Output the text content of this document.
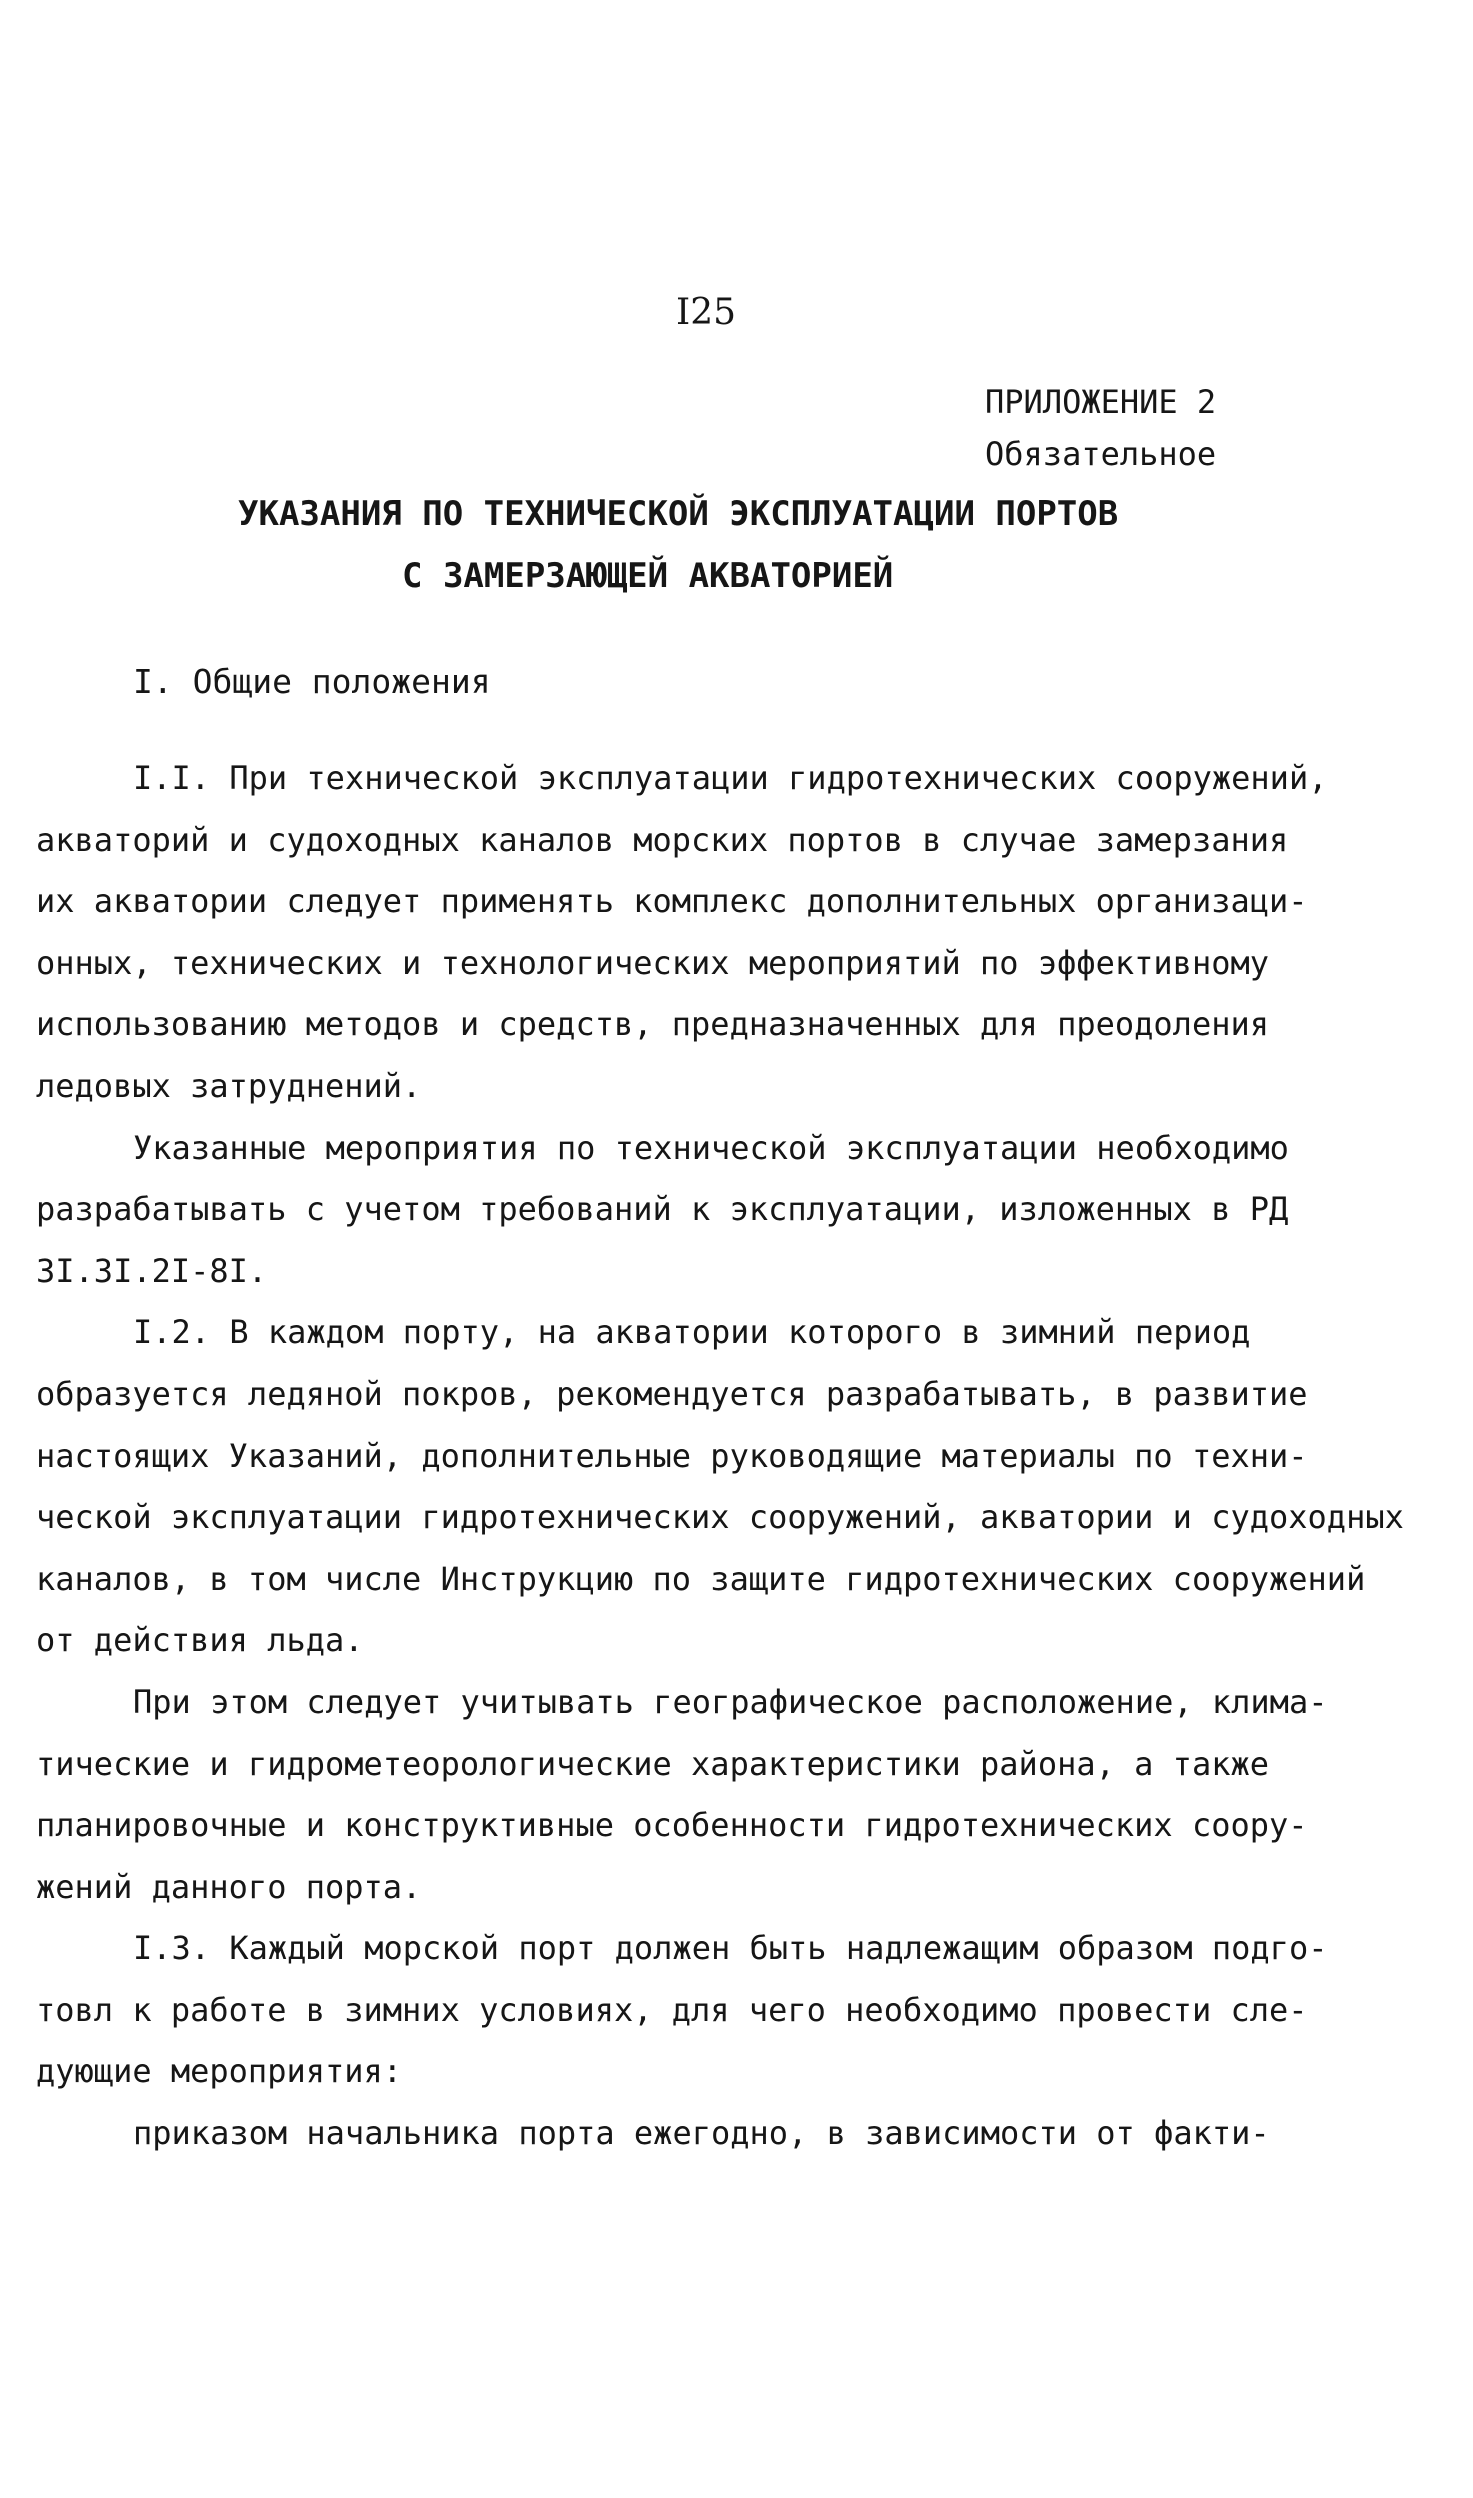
I25
ПРИЛОЖЕНИЕ 2
Обязательное
УКАЗАНИЯ ПО ТЕХНИЧЕСКОЙ ЭКСПЛУАТАЦИИ ПОРТОВ
С ЗАМЕРЗАЮЩЕЙ АКВАТОРИЕЙ
I. Общие положения
I.I. При технической эксплуатации гидротехнических сооружений,
акваторий и судоходных каналов морских портов в случае замерзания
их акватории следует применять комплекс дополнительных организаци-
онных, технических и технологических мероприятий по эффективному
использованию методов и средств, предназначенных для преодоления
ледовых затруднений.
Указанные мероприятия по технической эксплуатации необходимо
разрабатывать с учетом требований к эксплуатации, изложенных в РД
3I.3I.2I-8I.
I.2. В каждом порту, на акватории которого в зимний период
образуется ледяной покров, рекомендуется разрабатывать, в развитие
настоящих Указаний, дополнительные руководящие материалы по техни-
ческой эксплуатации гидротехнических сооружений, акватории и судоходных
каналов, в том числе Инструкцию по защите гидротехнических сооружений
от действия льда.
При этом следует учитывать географическое расположение, клима-
тические и гидрометеорологические характеристики района, а также
планировочные и конструктивные особенности гидротехнических соору-
жений данного порта.
I.3. Каждый морской порт должен быть надлежащим образом подго-
товл к работе в зимних условиях, для чего необходимо провести сле-
дующие мероприятия:
приказом начальника порта ежегодно, в зависимости от факти-
